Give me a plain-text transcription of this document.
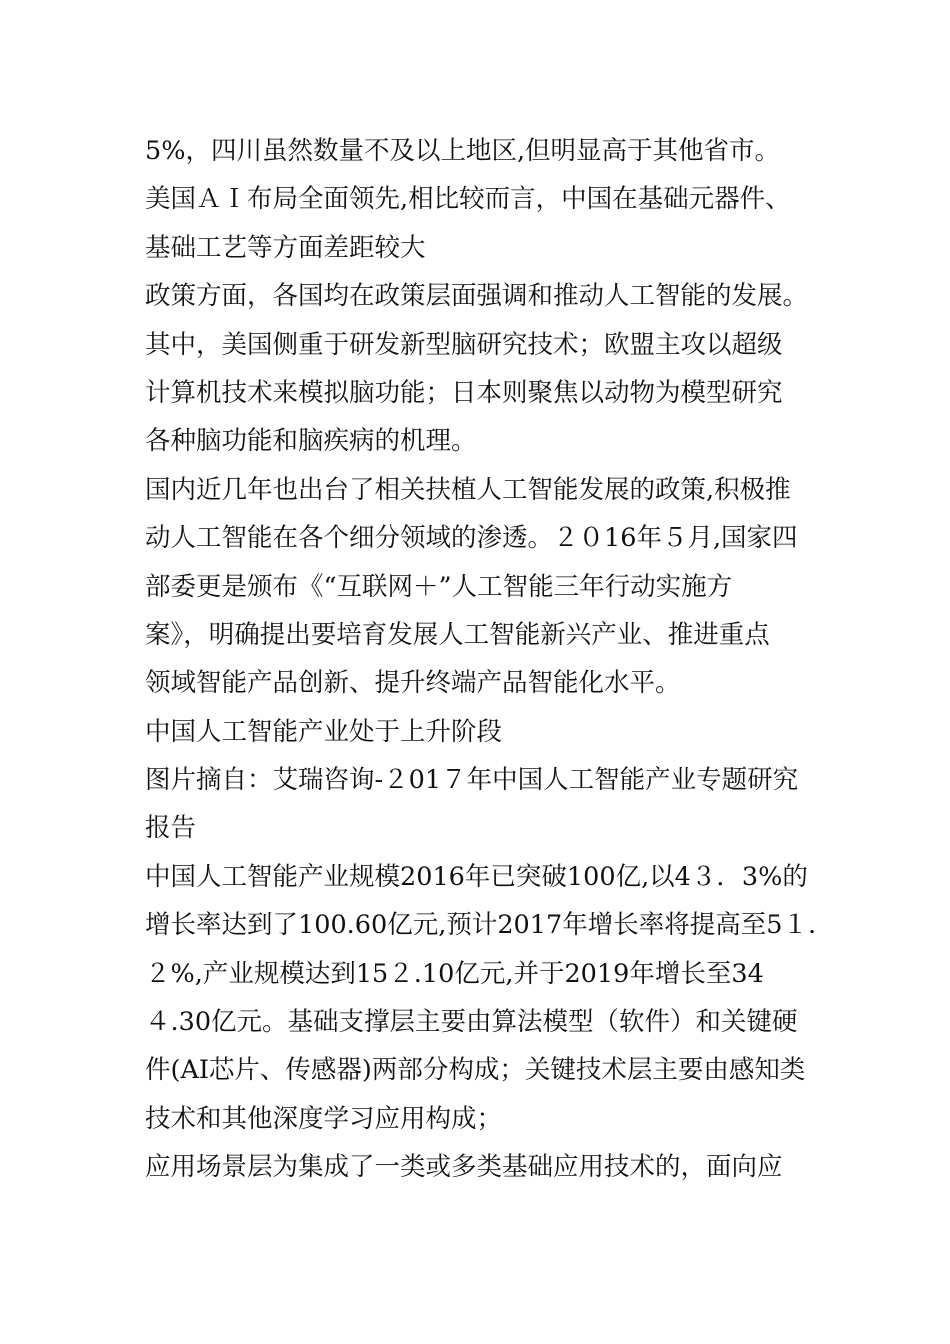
5%，四川虽然数量不及以上地区,但明显高于其他省市。
美国ＡＩ布局全面领先,相比较而言，中国在基础元器件、
基础工艺等方面差距较大
政策方面，各国均在政策层面强调和推动人工智能的发展。
其中，美国侧重于研发新型脑研究技术；欧盟主攻以超级
计算机技术来模拟脑功能；日本则聚焦以动物为模型研究
各种脑功能和脑疾病的机理。
国内近几年也出台了相关扶植人工智能发展的政策,积极推
动人工智能在各个细分领域的渗透。２０16年５月,国家四
部委更是颁布《“互联网＋”人工智能三年行动实施方
案》，明确提出要培育发展人工智能新兴产业、推进重点
领域智能产品创新、提升终端产品智能化水平。
中国人工智能产业处于上升阶段
图片摘自：艾瑞咨询-２01７年中国人工智能产业专题研究
报告
中国人工智能产业规模2016年已突破100亿,以4３．3%的
增长率达到了100.60亿元,预计2017年增长率将提高至5１.
２%,产业规模达到15２.10亿元,并于2019年增长至34
４.30亿元。基础支撑层主要由算法模型（软件）和关键硬
件(AI芯片、传感器)两部分构成；关键技术层主要由感知类
技术和其他深度学习应用构成；
应用场景层为集成了一类或多类基础应用技术的，面向应
